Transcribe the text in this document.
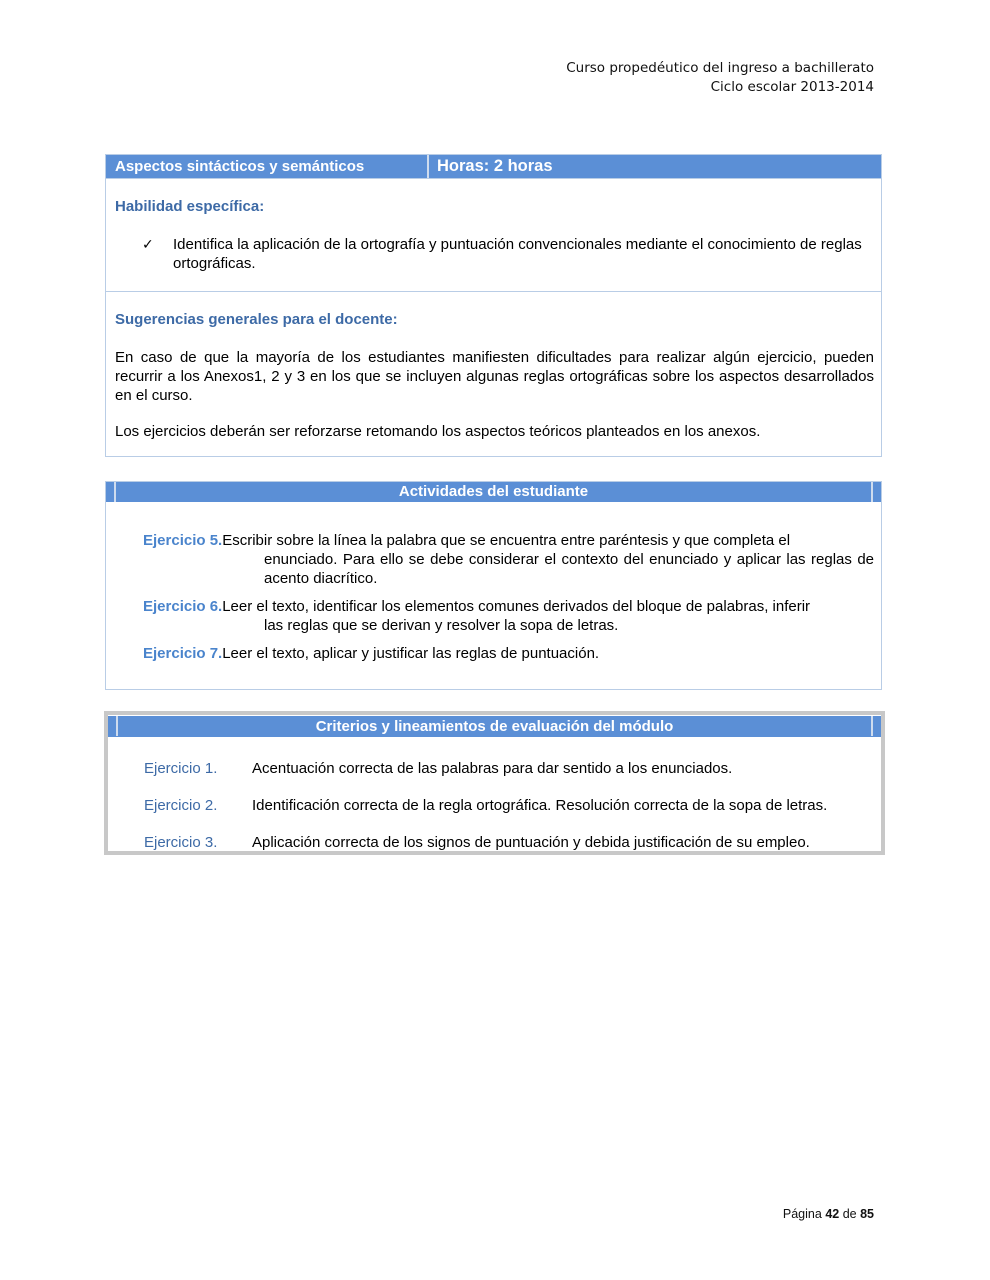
Curso propedéutico del ingreso a bachillerato
Ciclo escolar 2013-2014
Aspectos sintácticos y semánticos	Horas: 2 horas
Habilidad específica:
✓	Identifica la aplicación de la ortografía y puntuación convencionales mediante el conocimiento de reglas ortográficas.
Sugerencias generales para el docente:
En caso de que la mayoría de los estudiantes manifiesten dificultades para realizar algún ejercicio, pueden recurrir a los Anexos1, 2 y 3 en los que se incluyen algunas reglas ortográficas sobre los aspectos desarrollados en el curso.
Los ejercicios deberán ser reforzarse retomando los aspectos teóricos planteados en los anexos.
Actividades del estudiante
Ejercicio 5.Escribir sobre la línea la palabra que se encuentra entre paréntesis y que completa el
enunciado. Para ello se debe considerar el contexto del enunciado y aplicar las reglas de acento diacrítico.
Ejercicio 6.Leer el texto, identificar los elementos comunes derivados del bloque de palabras, inferir
las reglas que se derivan y resolver la sopa de letras.
Ejercicio 7.Leer el texto, aplicar y justificar las reglas de puntuación.
Criterios y lineamientos de evaluación del módulo
Ejercicio 1. Acentuación correcta de las palabras para dar sentido a los enunciados.
Ejercicio 2. Identificación correcta de la regla ortográfica. Resolución correcta de la sopa de letras.
Ejercicio 3. Aplicación correcta de los signos de puntuación y debida justificación de su empleo.
Página 42 de 85
